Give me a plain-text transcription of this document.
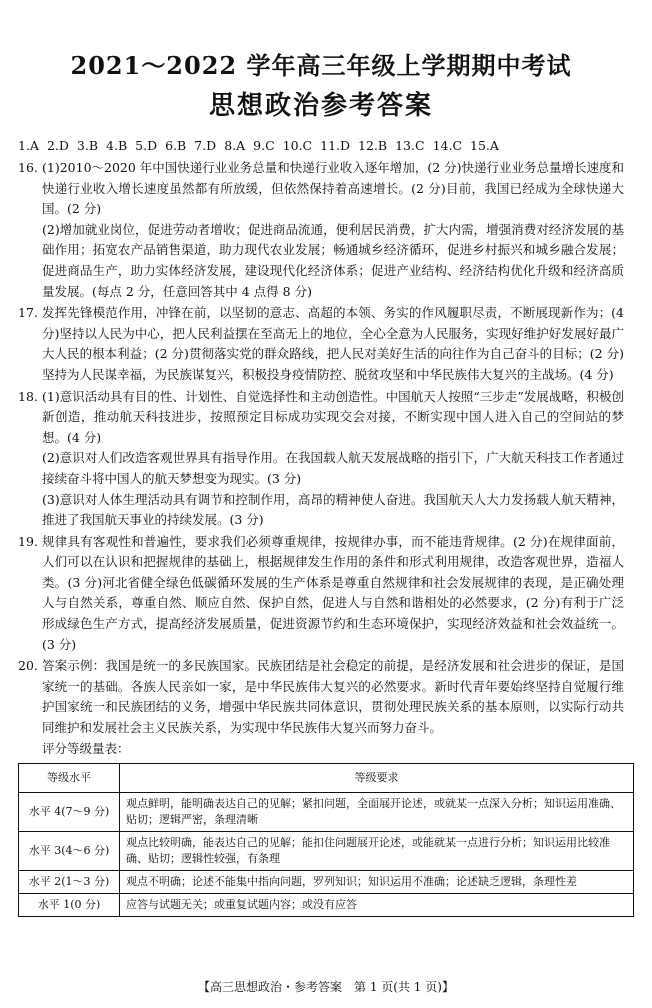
2021～2022 学年高三年级上学期期中考试
思想政治参考答案
1.A 2.D 3.B 4.B 5.D 6.B 7.D 8.A 9.C 10.C 11.D 12.B 13.C 14.C 15.A
16. (1)2010～2020 年中国快递行业业务总量和快递行业收入逐年增加，(2 分)快递行业业务总量增长速度和快递行业收入增长速度虽然都有所放缓，但依然保持着高速增长。(2 分)目前，我国已经成为全球快递大国。(2 分)

(2)增加就业岗位，促进劳动者增收；促进商品流通，便利居民消费，扩大内需，增强消费对经济发展的基础作用；拓宽农产品销售渠道，助力现代农业发展；畅通城乡经济循环，促进乡村振兴和城乡融合发展；促进商品生产，助力实体经济发展，建设现代化经济体系；促进产业结构、经济结构优化升级和经济高质量发展。(每点 2 分，任意回答其中 4 点得 8 分)

17. 发挥先锋模范作用，冲锋在前，以坚韧的意志、高超的本领、务实的作风履职尽责，不断展现新作为；(4 分)坚持以人民为中心，把人民利益摆在至高无上的地位，全心全意为人民服务，实现好维护好发展好最广大人民的根本利益；(2 分)贯彻落实党的群众路线，把人民对美好生活的向往作为自己奋斗的目标；(2 分)坚持为人民谋幸福，为民族谋复兴，积极投身疫情防控、脱贫攻坚和中华民族伟大复兴的主战场。(4 分)

18. (1)意识活动具有目的性、计划性、自觉选择性和主动创造性。中国航天人按照“三步走”发展战略，积极创新创造，推动航天科技进步，按照预定目标成功实现交会对接，不断实现中国人进入自己的空间站的梦想。(4 分)

(2)意识对人们改造客观世界具有指导作用。在我国载人航天发展战略的指引下，广大航天科技工作者通过接续奋斗将中国人的航天梦想变为现实。(3 分)

(3)意识对人体生理活动具有调节和控制作用，高昂的精神使人奋进。我国航天人大力发扬载人航天精神，推进了我国航天事业的持续发展。(3 分)

19. 规律具有客观性和普遍性，要求我们必须尊重规律，按规律办事，而不能违背规律。(2 分)在规律面前，人们可以在认识和把握规律的基础上，根据规律发生作用的条件和形式利用规律，改造客观世界，造福人类。(3 分)河北省健全绿色低碳循环发展的生产体系是尊重自然规律和社会发展规律的表现，是正确处理人与自然关系，尊重自然、顺应自然、保护自然，促进人与自然和谐相处的必然要求，(2 分)有利于广泛形成绿色生产方式，提高经济发展质量，促进资源节约和生态环境保护，实现经济效益和社会效益统一。(3 分)

20. 答案示例：我国是统一的多民族国家。民族团结是社会稳定的前提，是经济发展和社会进步的保证，是国家统一的基础。各族人民亲如一家，是中华民族伟大复兴的必然要求。新时代青年要始终坚持自觉履行维护国家统一和民族团结的义务，增强中华民族共同体意识，贯彻处理民族关系的基本原则，以实际行动共同维护和发展社会主义民族关系，为实现中华民族伟大复兴而努力奋斗。

评分等级量表：

等级水平	等级要求
水平 4(7～9 分)	观点鲜明，能明确表达自己的见解；紧扣问题，全面展开论述，或就某一点深入分析；知识运用准确、贴切；逻辑严密，条理清晰
水平 3(4～6 分)	观点比较明确，能表达自己的见解；能扣住问题展开论述，或能就某一点进行分析；知识运用比较准确、贴切；逻辑性较强，有条理
水平 2(1～3 分)	观点不明确；论述不能集中指向问题，罗列知识；知识运用不准确；论述缺乏逻辑，条理性差
水平 1(0 分)	应答与试题无关；或重复试题内容；或没有应答
【高三思想政治・参考答案　第 1 页(共 1 页)】
